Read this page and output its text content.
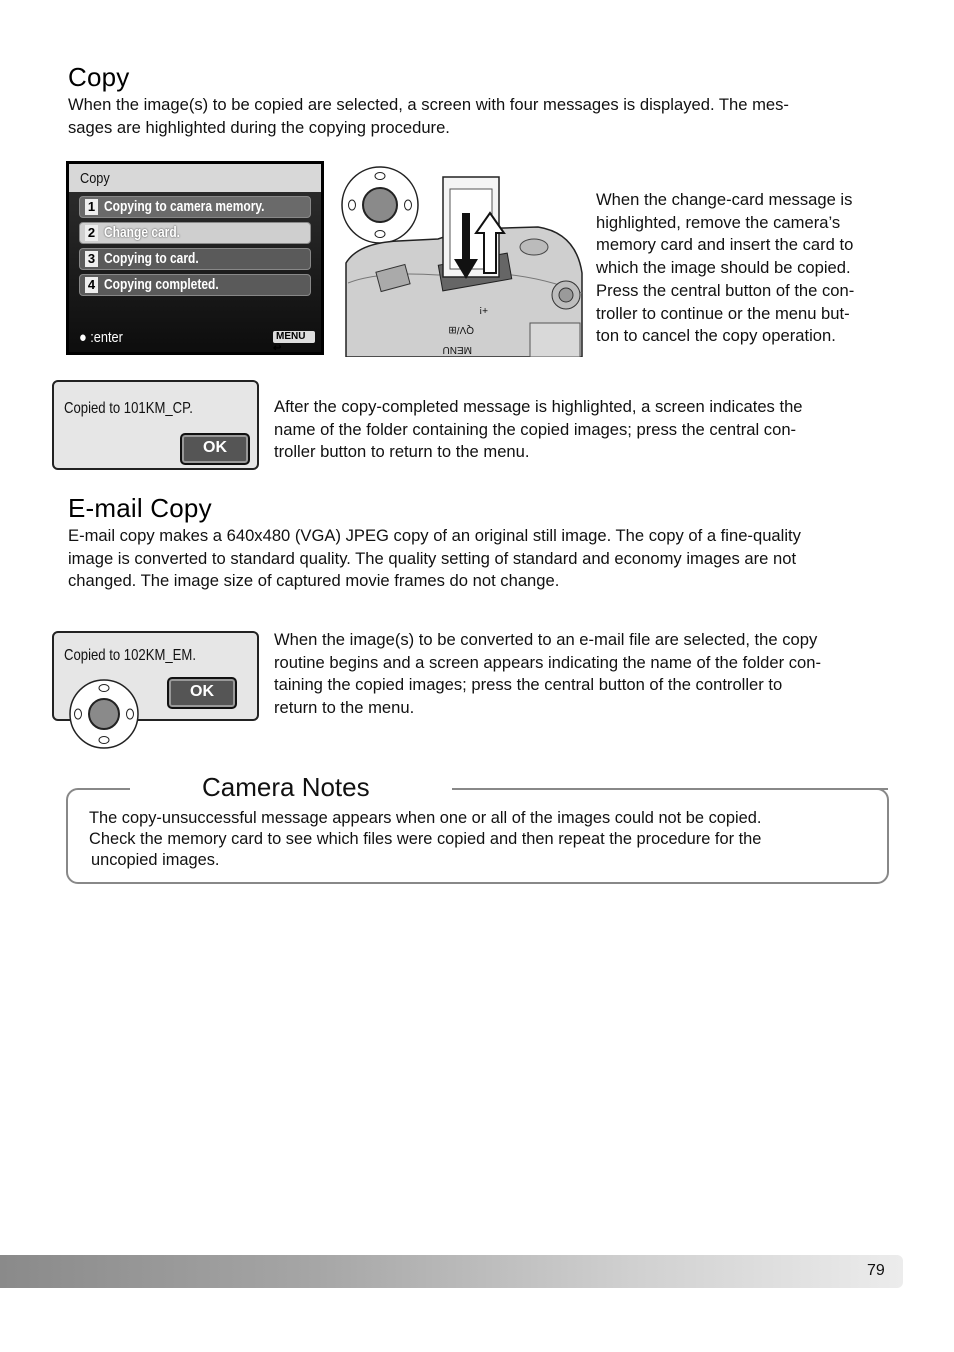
Copy
When the image(s) to be copied are selected, a screen with four messages is displayed. The mes-
sages are highlighted during the copying procedure.
Copy
1 Copying to camera memory.
2 Change card.
3 Copying to card.
4 Copying completed.
● :enter	MENU ↩
+!
QV/⊞
MENU
When the change-card message is
highlighted, remove the camera’s
memory card and insert the card to
which the image should be copied.
Press the central button of the con-
troller to continue or the menu but-
ton to cancel the copy operation.
Copied to 101KM_CP.
OK
After the copy-completed message is highlighted, a screen indicates the
name of the folder containing the copied images; press the central con-
troller button to return to the menu.
E-mail Copy
E-mail copy makes a 640x480 (VGA) JPEG copy of an original still image. The copy of a fine-quality
image is converted to standard quality. The quality setting of standard and economy images are not
changed. The image size of captured movie frames do not change.
Copied to 102KM_EM.
OK
When the image(s) to be converted to an e-mail file are selected, the copy
routine begins and a screen appears indicating the name of the folder con-
taining the copied images; press the central button of the controller to
return to the menu.
Camera Notes
The copy-unsuccessful message appears when one or all of the images could not be copied.
Check the memory card to see which files were copied and then repeat the procedure for the
uncopied images.
79
